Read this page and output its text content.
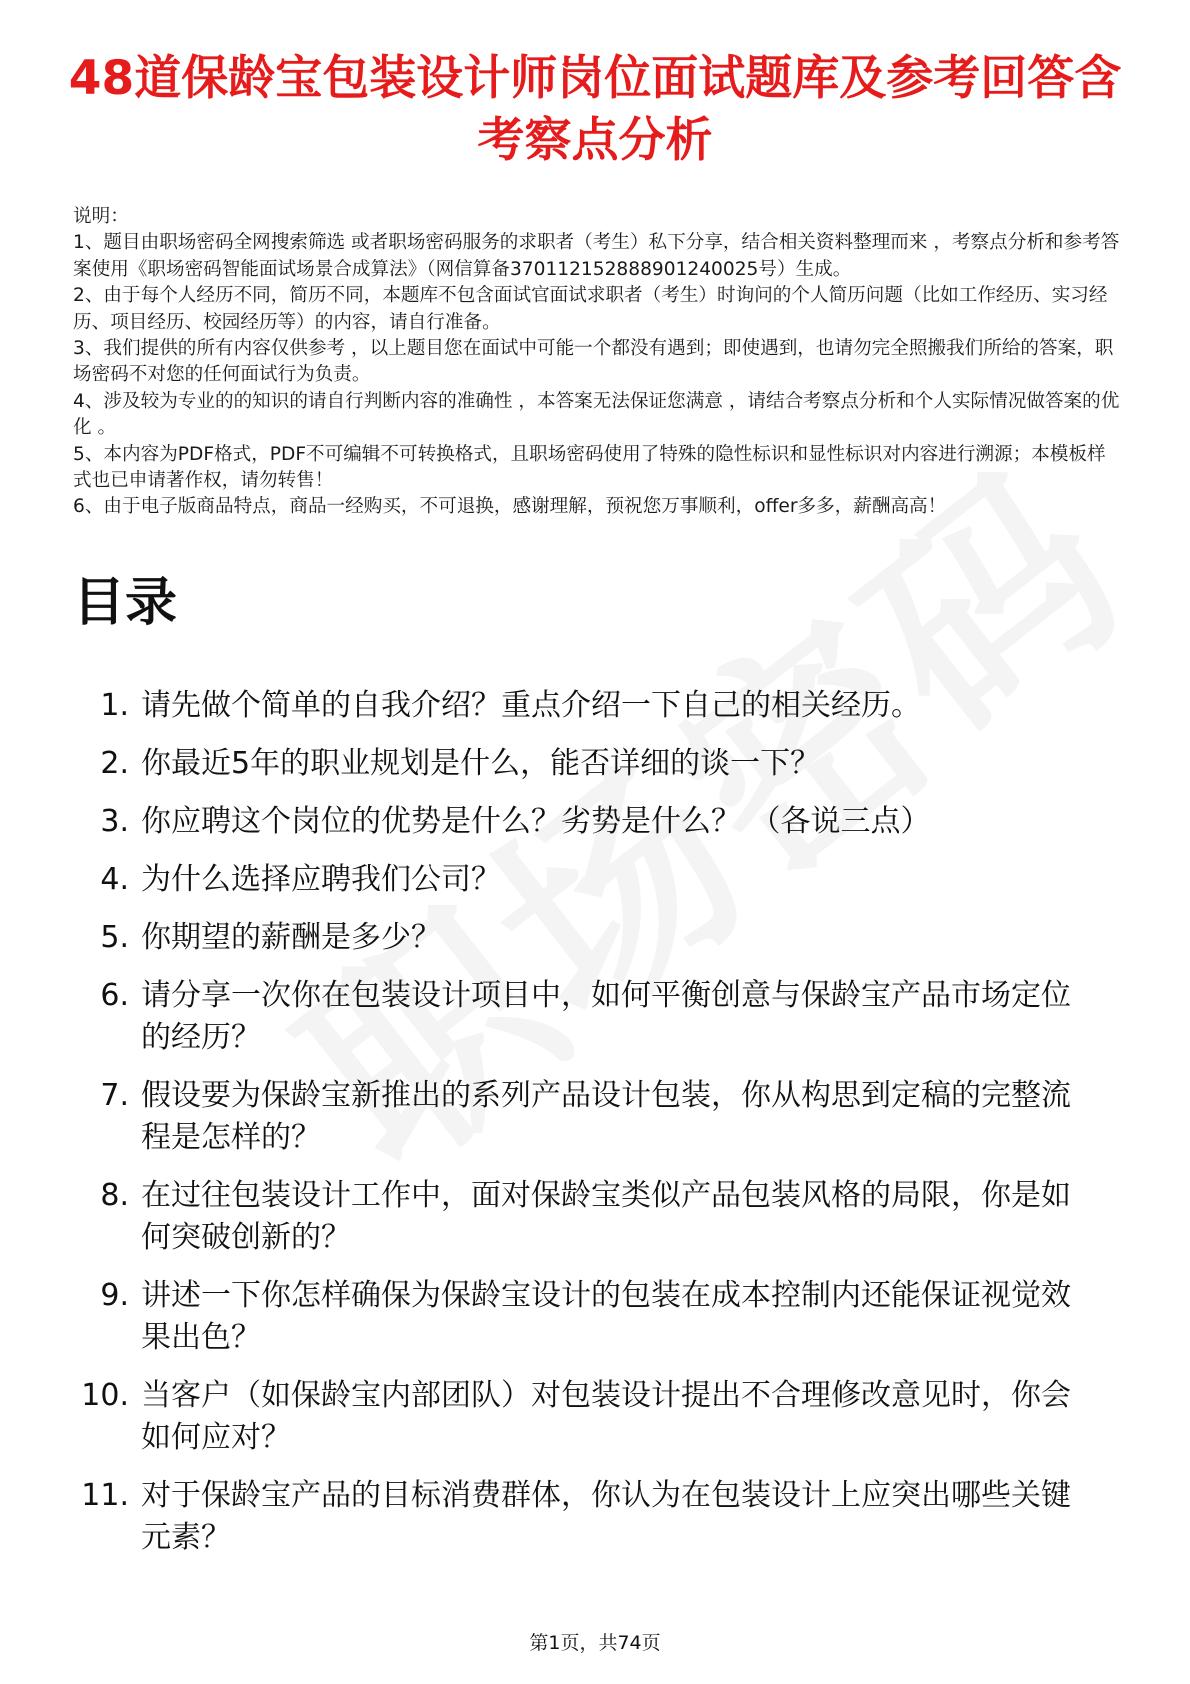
48道保龄宝包装设计师岗位面试题库及参考回答含考察点分析
说明：
1、题目由职场密码全网搜索筛选 或者职场密码服务的求职者（考生）私下分享，结合相关资料整理而来 ，考察点分析和参考答案使用《职场密码智能面试场景合成算法》（网信算备370112152888901240025号）生成。
2、由于每个人经历不同，简历不同，本题库不包含面试官面试求职者（考生）时询问的个人简历问题（比如工作经历、实习经历、项目经历、校园经历等）的内容，请自行准备。
3、我们提供的所有内容仅供参考 ，以上题目您在面试中可能一个都没有遇到；即使遇到，也请勿完全照搬我们所给的答案，职场密码不对您的任何面试行为负责。
4、涉及较为专业的的知识的请自行判断内容的准确性 ，本答案无法保证您满意 ，请结合考察点分析和个人实际情况做答案的优化 。
5、本内容为PDF格式，PDF不可编辑不可转换格式，且职场密码使用了特殊的隐性标识和显性标识对内容进行溯源；本模板样式也已申请著作权，请勿转售！
6、由于电子版商品特点，商品一经购买，不可退换，感谢理解，预祝您万事顺利，offer多多，薪酬高高！
目录
1. 请先做个简单的自我介绍？重点介绍一下自己的相关经历。
2. 你最近5年的职业规划是什么，能否详细的谈一下？
3. 你应聘这个岗位的优势是什么？劣势是什么？ （各说三点）
4. 为什么选择应聘我们公司？
5. 你期望的薪酬是多少？
6. 请分享一次你在包装设计项目中，如何平衡创意与保龄宝产品市场定位的经历？
7. 假设要为保龄宝新推出的系列产品设计包装，你从构思到定稿的完整流程是怎样的？
8. 在过往包装设计工作中，面对保龄宝类似产品包装风格的局限，你是如何突破创新的？
9. 讲述一下你怎样确保为保龄宝设计的包装在成本控制内还能保证视觉效果出色？
10. 当客户（如保龄宝内部团队）对包装设计提出不合理修改意见时，你会如何应对？
11. 对于保龄宝产品的目标消费群体，你认为在包装设计上应突出哪些关键元素？
第1页，共74页
